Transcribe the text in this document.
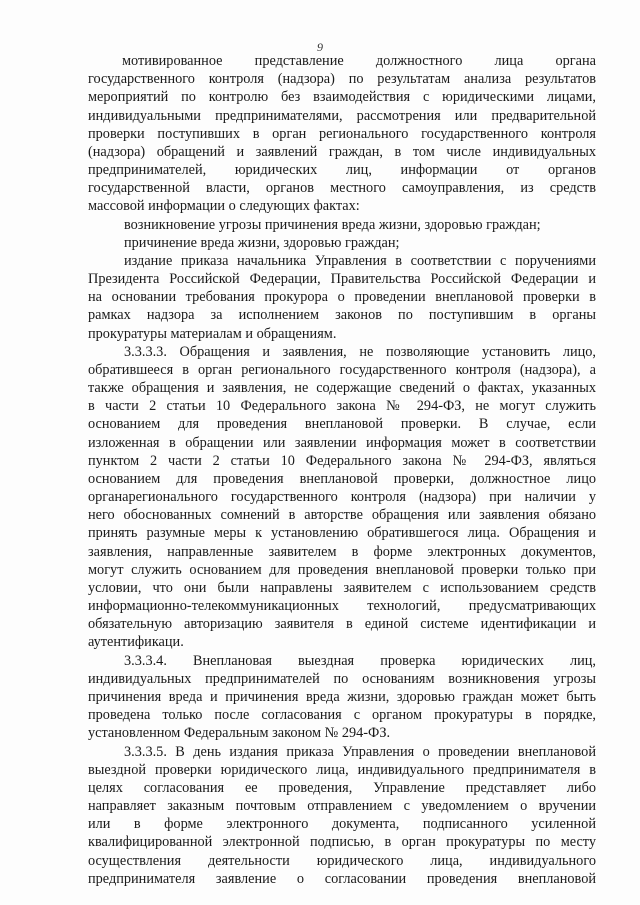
9
мотивированное представление должностного лица органа
государственного контроля (надзора) по результатам анализа результатов
мероприятий по контролю без взаимодействия с юридическими лицами,
индивидуальными предпринимателями, рассмотрения или предварительной
проверки поступивших в орган регионального государственного контроля
(надзора) обращений и заявлений граждан, в том числе индивидуальных
предпринимателей, юридических лиц, информации от органов
государственной власти, органов местного самоуправления, из средств
массовой информации о следующих фактах:
возникновение угрозы причинения вреда жизни, здоровью граждан;
причинение вреда жизни, здоровью граждан;
издание приказа начальника Управления в соответствии с поручениями
Президента Российской Федерации, Правительства Российской Федерации и
на основании требования прокурора о проведении внеплановой проверки в
рамках надзора за исполнением законов по поступившим в органы
прокуратуры материалам и обращениям.
3.3.3.3. Обращения и заявления, не позволяющие установить лицо,
обратившееся в орган регионального государственного контроля (надзора), а
также обращения и заявления, не содержащие сведений о фактах, указанных
в части 2 статьи 10 Федерального закона № 294-ФЗ, не могут служить
основанием для проведения внеплановой проверки. В случае, если
изложенная в обращении или заявлении информация может в соответствии
пунктом 2 части 2 статьи 10 Федерального закона № 294-ФЗ, являться
основанием для проведения внеплановой проверки, должностное лицо
органарегионального государственного контроля (надзора) при наличии у
него обоснованных сомнений в авторстве обращения или заявления обязано
принять разумные меры к установлению обратившегося лица. Обращения и
заявления, направленные заявителем в форме электронных документов,
могут служить основанием для проведения внеплановой проверки только при
условии, что они были направлены заявителем с использованием средств
информационно-телекоммуникационных технологий, предусматривающих
обязательную авторизацию заявителя в единой системе идентификации и
аутентификаци.
3.3.3.4. Внеплановая выездная проверка юридических лиц,
индивидуальных предпринимателей по основаниям возникновения угрозы
причинения вреда и причинения вреда жизни, здоровью граждан может быть
проведена только после согласования с органом прокуратуры в порядке,
установленном Федеральным законом № 294-ФЗ.
3.3.3.5. В день издания приказа Управления о проведении внеплановой
выездной проверки юридического лица, индивидуального предпринимателя в
целях согласования ее проведения, Управление представляет либо
направляет заказным почтовым отправлением с уведомлением о вручении
или в форме электронного документа, подписанного усиленной
квалифицированной электронной подписью, в орган прокуратуры по месту
осуществления деятельности юридического лица, индивидуального
предпринимателя заявление о согласовании проведения внеплановой
